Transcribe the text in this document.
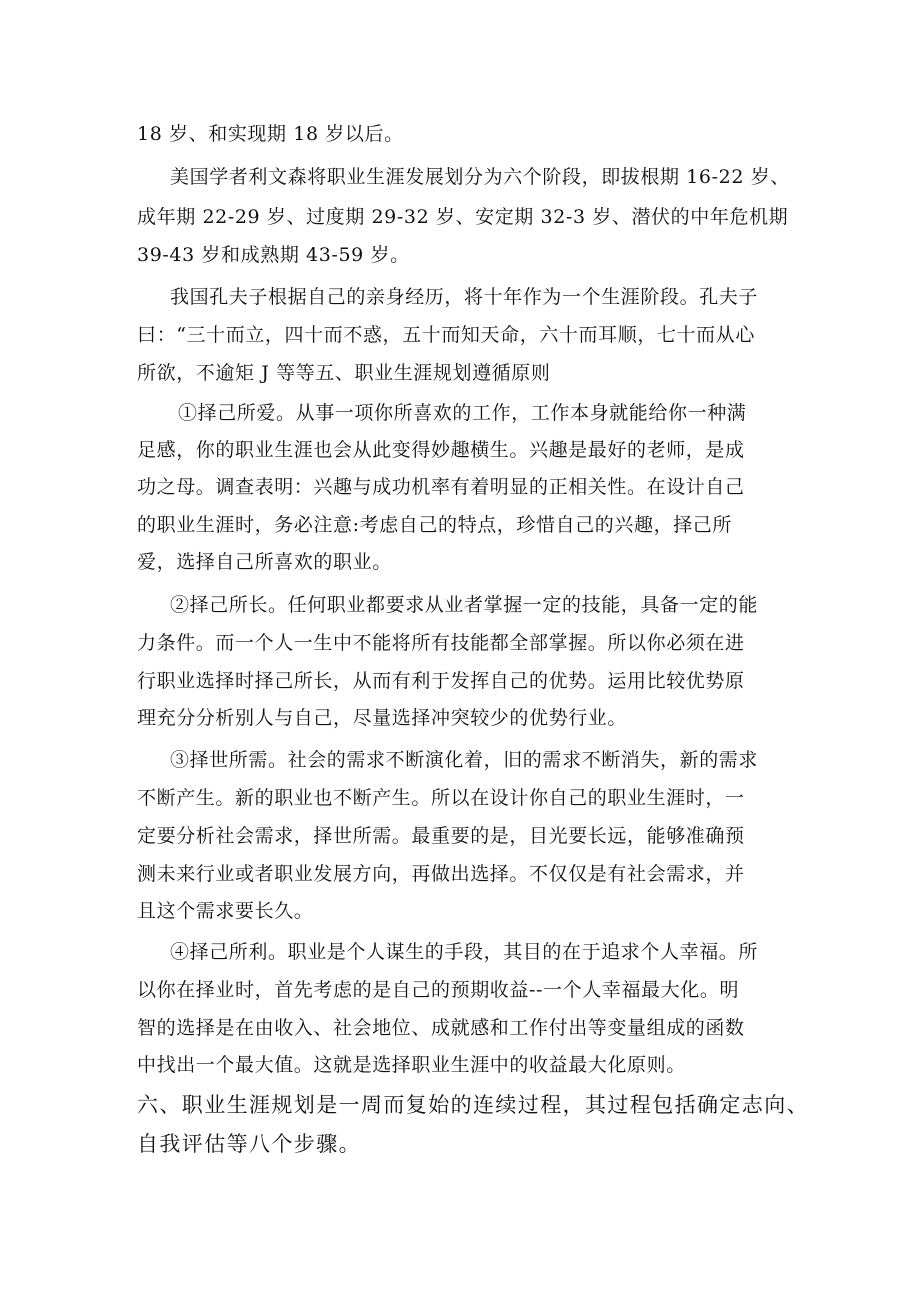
18 岁、和实现期 18 岁以后。
美国学者利文森将职业生涯发展划分为六个阶段，即拔根期 16-22 岁、
成年期 22-29 岁、过度期 29-32 岁、安定期 32-3 岁、潜伏的中年危机期
39-43 岁和成熟期 43-59 岁。
我国孔夫子根据自己的亲身经历，将十年作为一个生涯阶段。孔夫子
曰：“三十而立，四十而不惑，五十而知天命，六十而耳顺，七十而从心
所欲，不逾矩 J 等等五、职业生涯规划遵循原则
①择己所爱。从事一项你所喜欢的工作，工作本身就能给你一种满
足感，你的职业生涯也会从此变得妙趣横生。兴趣是最好的老师，是成
功之母。调查表明：兴趣与成功机率有着明显的正相关性。在设计自己
的职业生涯时，务必注意:考虑自己的特点，珍惜自己的兴趣，择己所
爱，选择自己所喜欢的职业。
②择己所长。任何职业都要求从业者掌握一定的技能，具备一定的能
力条件。而一个人一生中不能将所有技能都全部掌握。所以你必须在进
行职业选择时择己所长，从而有利于发挥自己的优势。运用比较优势原
理充分分析别人与自己，尽量选择冲突较少的优势行业。
③择世所需。社会的需求不断演化着，旧的需求不断消失，新的需求
不断产生。新的职业也不断产生。所以在设计你自己的职业生涯时，一
定要分析社会需求，择世所需。最重要的是，目光要长远，能够准确预
测未来行业或者职业发展方向，再做出选择。不仅仅是有社会需求，并
且这个需求要长久。
④择己所利。职业是个人谋生的手段，其目的在于追求个人幸福。所
以你在择业时，首先考虑的是自己的预期收益--一个人幸福最大化。明
智的选择是在由收入、社会地位、成就感和工作付出等变量组成的函数
中找出一个最大值。这就是选择职业生涯中的收益最大化原则。
六、职业生涯规划是一周而复始的连续过程，其过程包括确定志向、
自我评估等八个步骤。
